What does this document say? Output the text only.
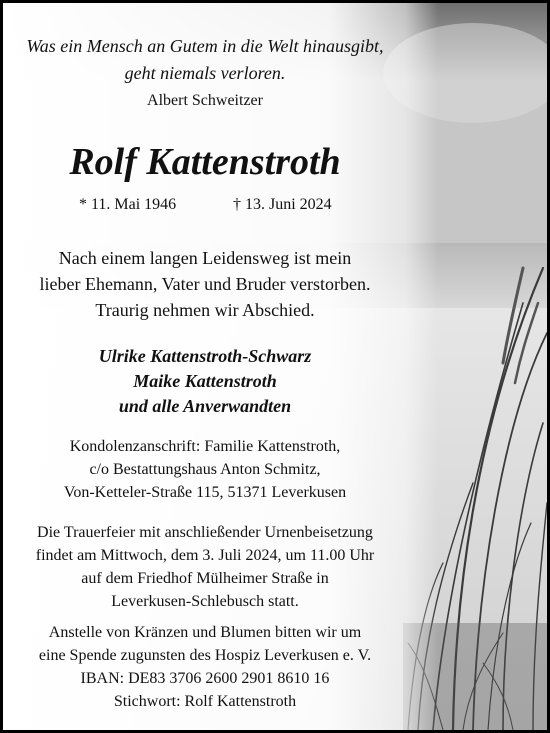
Was ein Mensch an Gutem in die Welt hinausgibt,
geht niemals verloren.
Albert Schweitzer
Rolf Kattenstroth
* 11. Mai 1946	† 13. Juni 2024
Nach einem langen Leidensweg ist mein
lieber Ehemann, Vater und Bruder verstorben.
Traurig nehmen wir Abschied.
Ulrike Kattenstroth-Schwarz
Maike Kattenstroth
und alle Anverwandten
Kondolenzanschrift: Familie Kattenstroth,
c/o Bestattungshaus Anton Schmitz,
Von-Ketteler-Straße 115, 51371 Leverkusen
Die Trauerfeier mit anschließender Urnenbeisetzung
findet am Mittwoch, dem 3. Juli 2024, um 11.00 Uhr
auf dem Friedhof Mülheimer Straße in
Leverkusen-Schlebusch statt.
Anstelle von Kränzen und Blumen bitten wir um
eine Spende zugunsten des Hospiz Leverkusen e. V.
IBAN: DE83 3706 2600 2901 8610 16
Stichwort: Rolf Kattenstroth
